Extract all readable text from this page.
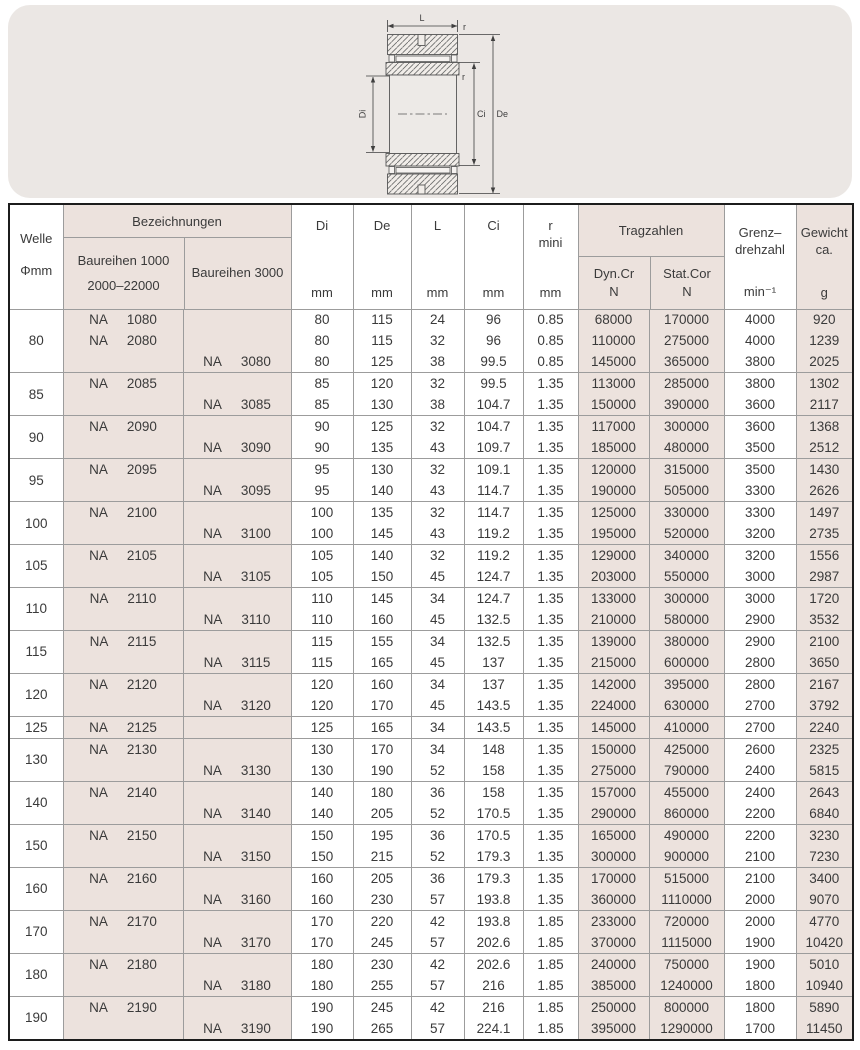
L
r
r
Di	Ci De
Welle
Φmm

Bezeichnungen
Baureihen 1000
2000–22000
Baureihen 3000

Di
mm

De
mm

L
mm

Ci
mm

r
mini
mm

Tragzahlen
Dyn.Cr
N
Stat.Cor
N

Grenz–
drehzahl
min⁻¹

Gewicht
ca.
g

80	NA 1080		80	115	24	96	0.85	68000	170000	4000	920

	NA 2080		80	115	32	96	0.85	110000	275000	4000	1239

		NA 3080	80	125	38	99.5	0.85	145000	365000	3800	2025
85	NA 2085		85	120	32	99.5	1.35	113000	285000	3800	1302

		NA 3085	85	130	38	104.7	1.35	150000	390000	3600	2117
90	NA 2090		90	125	32	104.7	1.35	117000	300000	3600	1368

		NA 3090	90	135	43	109.7	1.35	185000	480000	3500	2512
95	NA 2095		95	130	32	109.1	1.35	120000	315000	3500	1430

		NA 3095	95	140	43	114.7	1.35	190000	505000	3300	2626
100	NA 2100		100	135	32	114.7	1.35	125000	330000	3300	1497

		NA 3100	100	145	43	119.2	1.35	195000	520000	3200	2735
105	NA 2105		105	140	32	119.2	1.35	129000	340000	3200	1556

		NA 3105	105	150	45	124.7	1.35	203000	550000	3000	2987
110	NA 2110		110	145	34	124.7	1.35	133000	300000	3000	1720

		NA 3110	110	160	45	132.5	1.35	210000	580000	2900	3532
115	NA 2115		115	155	34	132.5	1.35	139000	380000	2900	2100

		NA 3115	115	165	45	137	1.35	215000	600000	2800	3650
120	NA 2120		120	160	34	137	1.35	142000	395000	2800	2167

		NA 3120	120	170	45	143.5	1.35	224000	630000	2700	3792
125	NA 2125		125	165	34	143.5	1.35	145000	410000	2700	2240
130	NA 2130		130	170	34	148	1.35	150000	425000	2600	2325

		NA 3130	130	190	52	158	1.35	275000	790000	2400	5815
140	NA 2140		140	180	36	158	1.35	157000	455000	2400	2643

		NA 3140	140	205	52	170.5	1.35	290000	860000	2200	6840
150	NA 2150		150	195	36	170.5	1.35	165000	490000	2200	3230

		NA 3150	150	215	52	179.3	1.35	300000	900000	2100	7230
160	NA 2160		160	205	36	179.3	1.35	170000	515000	2100	3400

		NA 3160	160	230	57	193.8	1.35	360000	1110000	2000	9070
170	NA 2170		170	220	42	193.8	1.85	233000	720000	2000	4770

		NA 3170	170	245	57	202.6	1.85	370000	1115000	1900	10420
180	NA 2180		180	230	42	202.6	1.85	240000	750000	1900	5010

		NA 3180	180	255	57	216	1.85	385000	1240000	1800	10940
190	NA 2190		190	245	42	216	1.85	250000	800000	1800	5890

		NA 3190	190	265	57	224.1	1.85	395000	1290000	1700	11450
